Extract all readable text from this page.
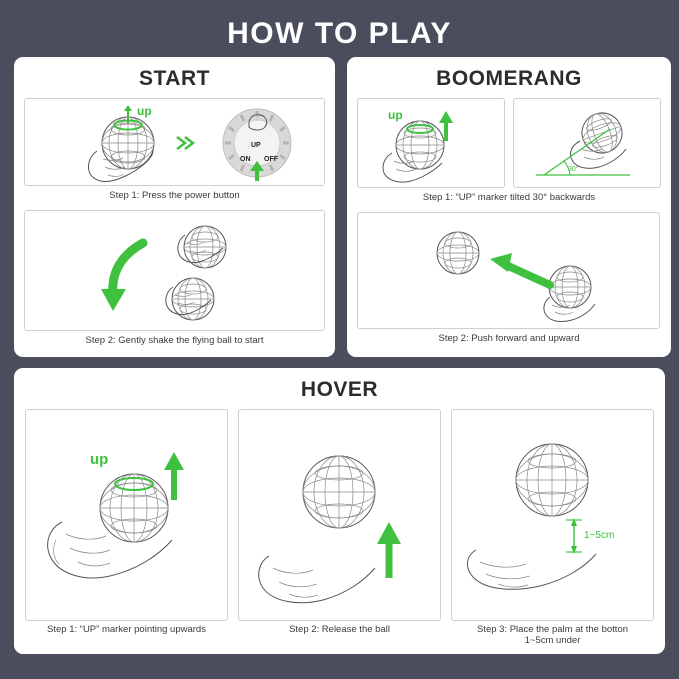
HOW TO PLAY
START
up
UP
ON OFF
Step 1: Press the power button
Step 2: Gently shake the flying ball to start
BOOMERANG
up
30°
Step 1: “UP” marker tilted 30° backwards
Step 2: Push forward and upward
HOVER
up
Step 1: “UP” marker pointing upwards	Step 2: Release the ball
1~5cm
Step 3: Place the palm at the botton
1~5cm under
